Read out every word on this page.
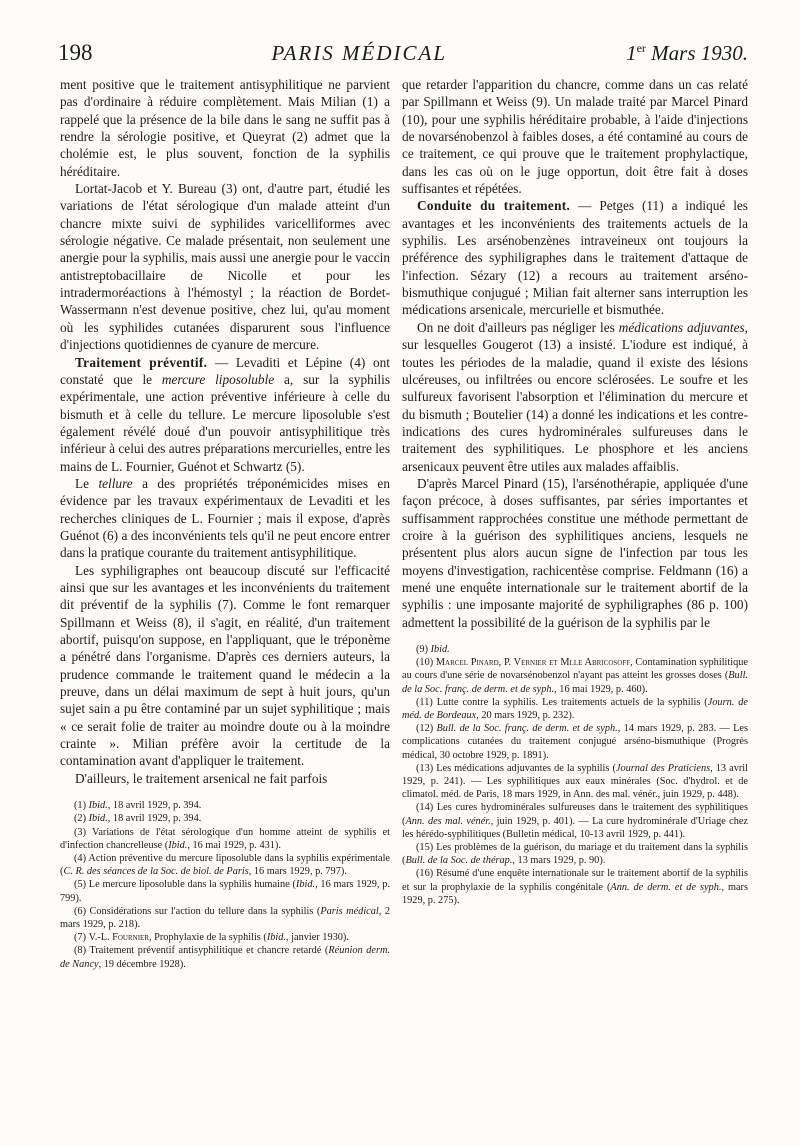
198	PARIS MÉDICAL	1er Mars 1930.

ment positive que le traitement antisyphilitique ne parvient pas d'ordinaire à réduire complètement. Mais Milian (1) a rappelé que la présence de la bile dans le sang ne suffit pas à rendre la sérologie positive, et Queyrat (2) admet que la cholémie est, le plus souvent, fonction de la syphilis héréditaire.

Lortat-Jacob et Y. Bureau (3) ont, d'autre part, étudié les variations de l'état sérologique d'un malade atteint d'un chancre mixte suivi de syphilides varicelliformes avec sérologie négative. Ce malade présentait, non seulement une anergie pour la syphilis, mais aussi une anergie pour le vaccin antistreptobacillaire de Nicolle et pour les intradermoréactions à l'hémostyl ; la réaction de Bordet-Wassermann n'est devenue positive, chez lui, qu'au moment où les syphilides cutanées disparurent sous l'influence d'injections quotidiennes de cyanure de mercure.

Traitement préventif. — Levaditi et Lépine (4) ont constaté que le mercure liposoluble a, sur la syphilis expérimentale, une action préventive inférieure à celle du bismuth et à celle du tellure. Le mercure liposoluble s'est également révélé doué d'un pouvoir antisyphilitique très inférieur à celui des autres préparations mercurielles, entre les mains de L. Fournier, Guénot et Schwartz (5).

Le tellure a des propriétés tréponémicides mises en évidence par les travaux expérimentaux de Levaditi et les recherches cliniques de L. Fournier ; mais il expose, d'après Guénot (6) a des inconvénients tels qu'il ne peut encore entrer dans la pratique courante du traitement antisyphilitique.

Les syphiligraphes ont beaucoup discuté sur l'efficacité ainsi que sur les avantages et les inconvénients du traitement dit préventif de la syphilis (7). Comme le font remarquer Spillmann et Weiss (8), il s'agit, en réalité, d'un traitement abortif, puisqu'on suppose, en l'appliquant, que le tréponème a pénétré dans l'organisme. D'après ces derniers auteurs, la prudence commande le traitement quand le médecin a la preuve, dans un délai maximum de sept à huit jours, qu'un sujet sain a pu être contaminé par un sujet syphilitique ; mais « ce serait folie de traiter au moindre doute ou à la moindre crainte ». Milian préfère avoir la certitude de la contamination avant d'appliquer le traitement.

D'ailleurs, le traitement arsenical ne fait parfois

(1) Ibid., 18 avril 1929, p. 394.

(2) Ibid., 18 avril 1929, p. 394.

(3) Variations de l'état sérologique d'un homme atteint de syphilis et d'infection chancrelleuse (Ibid., 16 mai 1929, p. 431).

(4) Action préventive du mercure liposoluble dans la syphilis expérimentale (C. R. des séances de la Soc. de biol. de Paris, 16 mars 1929, p. 797).

(5) Le mercure liposoluble dans la syphilis humaine (Ibid., 16 mars 1929, p. 799).

(6) Considérations sur l'action du tellure dans la syphilis (Paris médical, 2 mars 1929, p. 218).

(7) V.-L. Fournier, Prophylaxie de la syphilis (Ibid., janvier 1930).

(8) Traitement préventif antisyphilitique et chancre retardé (Réunion derm. de Nancy, 19 décembre 1928).

que retarder l'apparition du chancre, comme dans un cas relaté par Spillmann et Weiss (9). Un malade traité par Marcel Pinard (10), pour une syphilis héréditaire probable, à l'aide d'injections de novarsénobenzol à faibles doses, a été contaminé au cours de ce traitement, ce qui prouve que le traitement prophylactique, dans les cas où on le juge opportun, doit être fait à doses suffisantes et répétées.

Conduite du traitement. — Petges (11) a indiqué les avantages et les inconvénients des traitements actuels de la syphilis. Les arsénobenzènes intraveineux ont toujours la préférence des syphiligraphes dans le traitement d'attaque de l'infection. Sézary (12) a recours au traitement arséno-bismuthique conjugué ; Milian fait alterner sans interruption les médications arsenicale, mercurielle et bismuthée.

On ne doit d'ailleurs pas négliger les médications adjuvantes, sur lesquelles Gougerot (13) a insisté. L'iodure est indiqué, à toutes les périodes de la maladie, quand il existe des lésions ulcéreuses, ou infiltrées ou encore sclérosées. Le soufre et les sulfureux favorisent l'absorption et l'élimination du mercure et du bismuth ; Boutelier (14) a donné les indications et les contre-indications des cures hydrominérales sulfureuses dans le traitement des syphilitiques. Le phosphore et les anciens arsenicaux peuvent être utiles aux malades affaiblis.

D'après Marcel Pinard (15), l'arsénothérapie, appliquée d'une façon précoce, à doses suffisantes, par séries importantes et suffisamment rapprochées constitue une méthode permettant de croire à la guérison des syphilitiques anciens, lesquels ne présentent plus alors aucun signe de l'infection par tous les moyens d'investigation, rachicentèse comprise. Feldmann (16) a mené une enquête internationale sur le traitement abortif de la syphilis : une imposante majorité de syphiligraphes (86 p. 100) admettent la possibilité de la guérison de la syphilis par le

(9) Ibid.

(10) Marcel Pinard, P. Vernier et Mlle Abricosoff, Contamination syphilitique au cours d'une série de novarsénobenzol n'ayant pas atteint les grosses doses (Bull. de la Soc. franç. de derm. et de syph., 16 mai 1929, p. 460).

(11) Lutte contre la syphilis. Les traitements actuels de la syphilis (Journ. de méd. de Bordeaux, 20 mars 1929, p. 232).

(12) Bull. de la Soc. franç. de derm. et de syph., 14 mars 1929, p. 283. — Les complications cutanées du traitement conjugué arséno-bismuthique (Progrès médical, 30 octobre 1929, p. 1891).

(13) Les médications adjuvantes de la syphilis (Journal des Praticiens, 13 avril 1929, p. 241). — Les syphilitiques aux eaux minérales (Soc. d'hydrol. et de climatol. méd. de Paris, 18 mars 1929, in Ann. des mal. vénér., juin 1929, p. 448).

(14) Les cures hydrominérales sulfureuses dans le traitement des syphilitiques (Ann. des mal. vénér., juin 1929, p. 401). — La cure hydrominérale d'Uriage chez les hérédo-syphilitiques (Bulletin médical, 10-13 avril 1929, p. 441).

(15) Les problèmes de la guérison, du mariage et du traitement dans la syphilis (Bull. de la Soc. de thérap., 13 mars 1929, p. 90).

(16) Résumé d'une enquête internationale sur le traitement abortif de la syphilis et sur la prophylaxie de la syphilis congénitale (Ann. de derm. et de syph., mars 1929, p. 275).
